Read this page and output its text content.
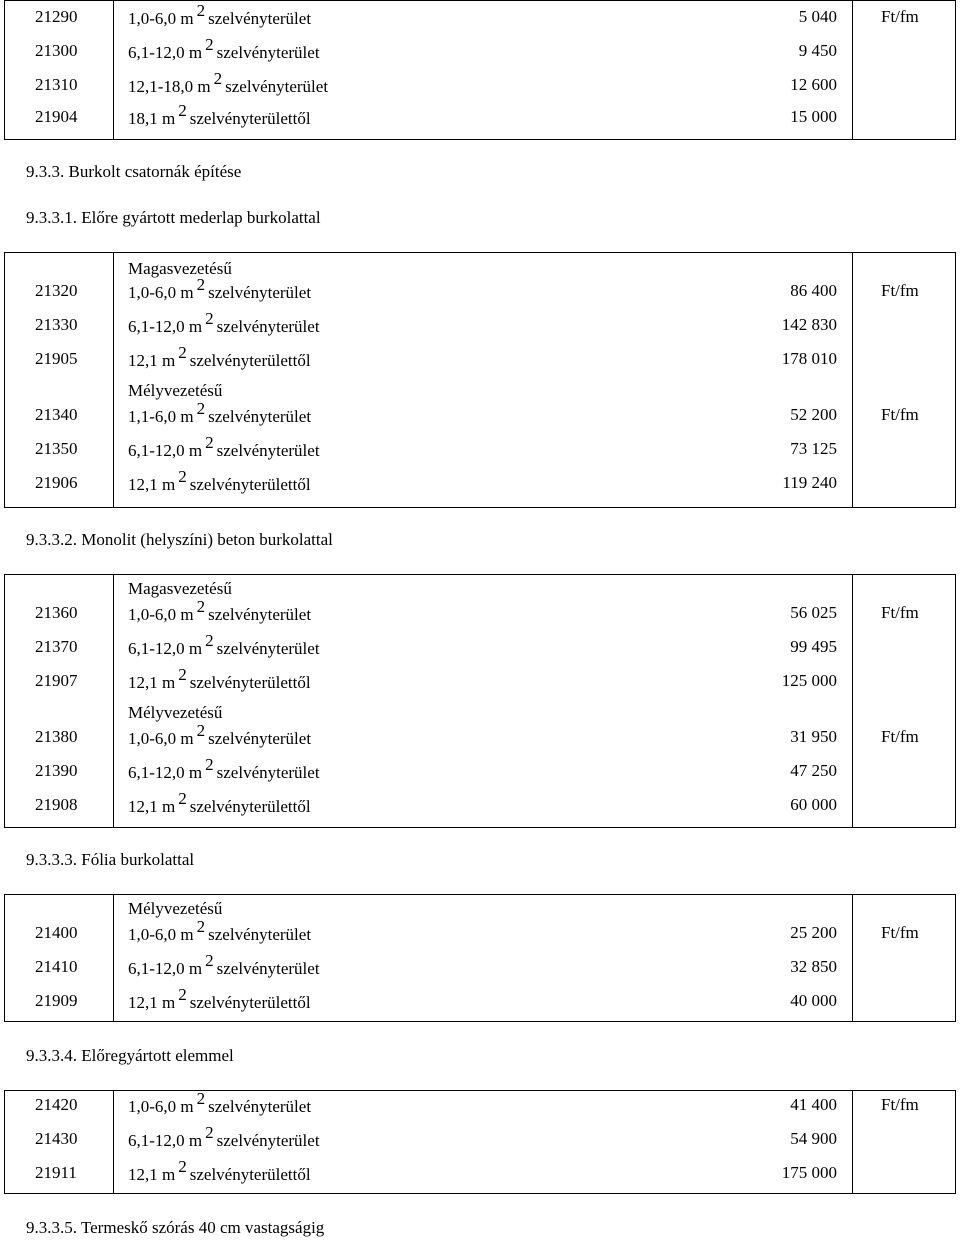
21290	1,0-6,0 m $^2$ szelvényterület	5 040	Ft/fm
21300	6,1-12,0 m $^2$ szelvényterület	9 450
21310	12,1-18,0 m $^2$ szelvényterület	12 600
21904	18,1 m $^2$ szelvényterülettől	15 000
9.3.3. Burkolt csatornák építése
9.3.3.1. Előre gyártott mederlap burkolattal
Magasvezetésű
21320	1,0-6,0 m $^2$ szelvényterület	86 400	Ft/fm
21330	6,1-12,0 m $^2$ szelvényterület	142 830
21905	12,1 m $^2$ szelvényterülettől	178 010
Mélyvezetésű
21340	1,1-6,0 m $^2$ szelvényterület	52 200	Ft/fm
21350	6,1-12,0 m $^2$ szelvényterület	73 125
21906	12,1 m $^2$ szelvényterülettől	119 240
9.3.3.2. Monolit (helyszíni) beton burkolattal
Magasvezetésű
21360	1,0-6,0 m $^2$ szelvényterület	56 025	Ft/fm
21370	6,1-12,0 m $^2$ szelvényterület	99 495
21907	12,1 m $^2$ szelvényterülettől	125 000
Mélyvezetésű
21380	1,0-6,0 m $^2$ szelvényterület	31 950	Ft/fm
21390	6,1-12,0 m $^2$ szelvényterület	47 250
21908	12,1 m $^2$ szelvényterülettől	60 000
9.3.3.3. Fólia burkolattal
Mélyvezetésű
21400	1,0-6,0 m $^2$ szelvényterület	25 200	Ft/fm
21410	6,1-12,0 m $^2$ szelvényterület	32 850
21909	12,1 m $^2$ szelvényterülettől	40 000
9.3.3.4. Előregyártott elemmel
21420	1,0-6,0 m $^2$ szelvényterület	41 400	Ft/fm
21430	6,1-12,0 m $^2$ szelvényterület	54 900
21911	12,1 m $^2$ szelvényterülettől	175 000
9.3.3.5. Termeskő szórás 40 cm vastagságig
